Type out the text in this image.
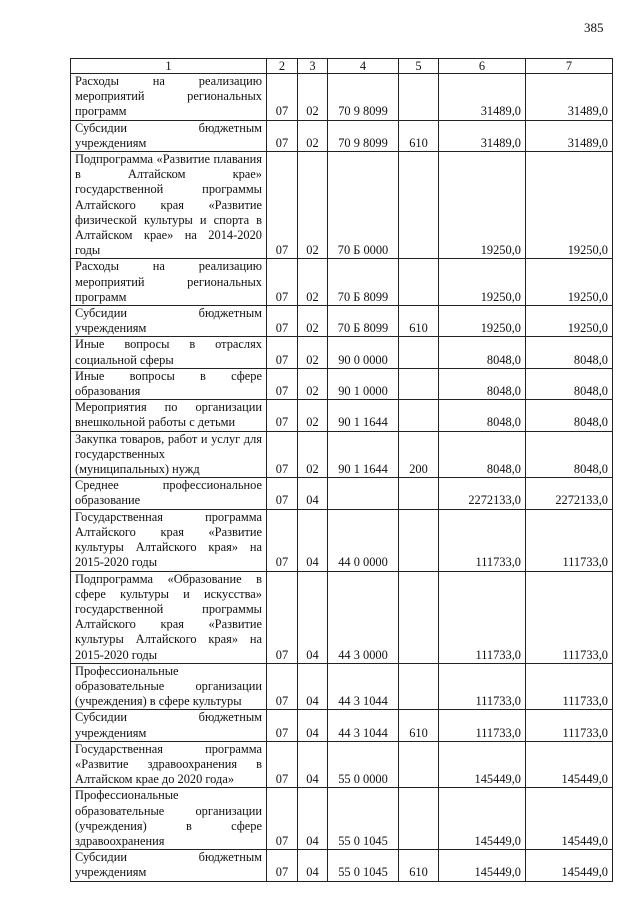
385
1	2	3	4	5	6	7
Расходы на реализацию мероприятий региональных программ	07	02	70 9 8099		31489,0	31489,0
Субсидии бюджетным учреждениям	07	02	70 9 8099	610	31489,0	31489,0
Подпрограмма «Развитие плавания в Алтайском крае» государственной программы Алтайского края «Развитие физической культуры и спорта в Алтайском крае» на 2014-2020 годы	07	02	70 Б 0000		19250,0	19250,0
Расходы на реализацию мероприятий региональных программ	07	02	70 Б 8099		19250,0	19250,0
Субсидии бюджетным учреждениям	07	02	70 Б 8099	610	19250,0	19250,0
Иные вопросы в отраслях социальной сферы	07	02	90 0 0000		8048,0	8048,0
Иные вопросы в сфере образования	07	02	90 1 0000		8048,0	8048,0
Мероприятия по организации внешкольной работы с детьми	07	02	90 1 1644		8048,0	8048,0
Закупка товаров, работ и услуг для государственных (муниципальных) нужд	07	02	90 1 1644	200	8048,0	8048,0
Среднее профессиональное образование	07	04			2272133,0	2272133,0
Государственная программа Алтайского края «Развитие культуры Алтайского края» на 2015-2020 годы	07	04	44 0 0000		111733,0	111733,0
Подпрограмма «Образование в сфере культуры и искусства» государственной программы Алтайского края «Развитие культуры Алтайского края» на 2015-2020 годы	07	04	44 3 0000		111733,0	111733,0
Профессиональные образовательные организации (учреждения) в сфере культуры	07	04	44 3 1044		111733,0	111733,0
Субсидии бюджетным учреждениям	07	04	44 3 1044	610	111733,0	111733,0
Государственная программа «Развитие здравоохранения в Алтайском крае до 2020 года»	07	04	55 0 0000		145449,0	145449,0
Профессиональные образовательные организации (учреждения) в сфере здравоохранения	07	04	55 0 1045		145449,0	145449,0
Субсидии бюджетным учреждениям	07	04	55 0 1045	610	145449,0	145449,0
